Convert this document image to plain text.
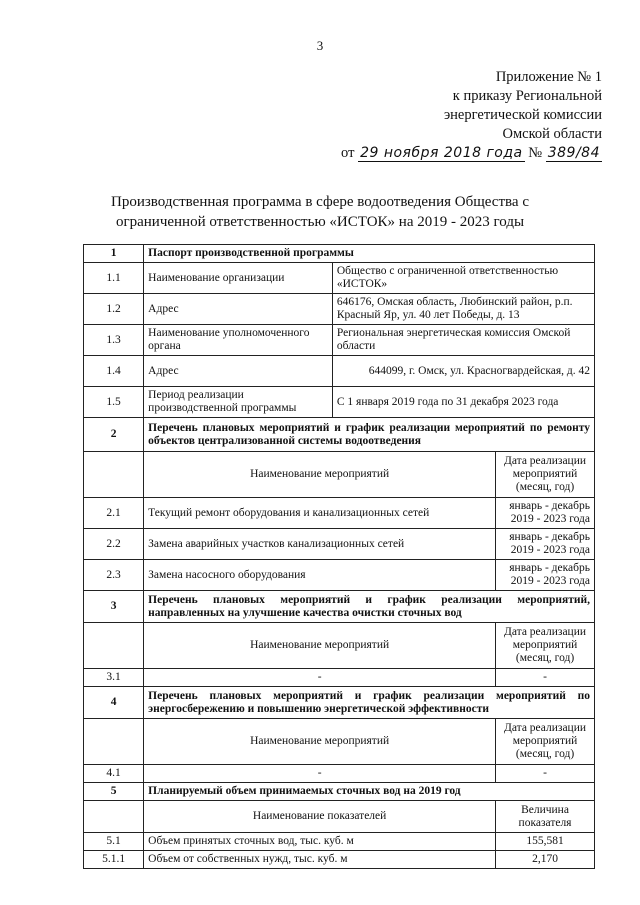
3
Приложение № 1
к приказу Региональной
энергетической комиссии
Омской области
от 29 ноября 2018 года № 389/84
Производственная программа в сфере водоотведения Общества с
ограниченной ответственностью «ИСТОК» на 2019 - 2023 годы
1	Паспорт производственной программы		
1.1	Наименование организации	Общество с ограниченной ответственностью «ИСТОК»	
1.2	Адрес	646176, Омская область, Любинский район, р.п. Красный Яр, ул. 40 лет Победы, д. 13	
1.3	Наименование уполномоченного органа	Региональная энергетическая комиссия Омской области	
1.4	Адрес	644099, г. Омск, ул. Красногвардейская, д. 42	
1.5	Период реализации производственной программы	С 1 января 2019 года по 31 декабря 2023 года	
2	Перечень плановых мероприятий и график реализации мероприятий по ремонту объектов централизованной системы водоотведения		
	Наименование мероприятий		Дата реализации мероприятий (месяц, год)
2.1	Текущий ремонт оборудования и канализационных сетей		январь - декабрь 2019 - 2023 года
2.2	Замена аварийных участков канализационных сетей		январь - декабрь 2019 - 2023 года
2.3	Замена насосного оборудования		январь - декабрь 2019 - 2023 года
3	Перечень плановых мероприятий и график реализации мероприятий, направленных на улучшение качества очистки сточных вод		
	Наименование мероприятий		Дата реализации мероприятий (месяц, год)
3.1	-		-
4	Перечень плановых мероприятий и график реализации мероприятий по энергосбережению и повышению энергетической эффективности		
	Наименование мероприятий		Дата реализации мероприятий (месяц, год)
4.1	-		-
5	Планируемый объем принимаемых сточных вод на 2019 год		
	Наименование показателей		Величина показателя
5.1	Объем принятых сточных вод, тыс. куб. м		155,581
5.1.1	Объем от собственных нужд, тыс. куб. м		2,170
